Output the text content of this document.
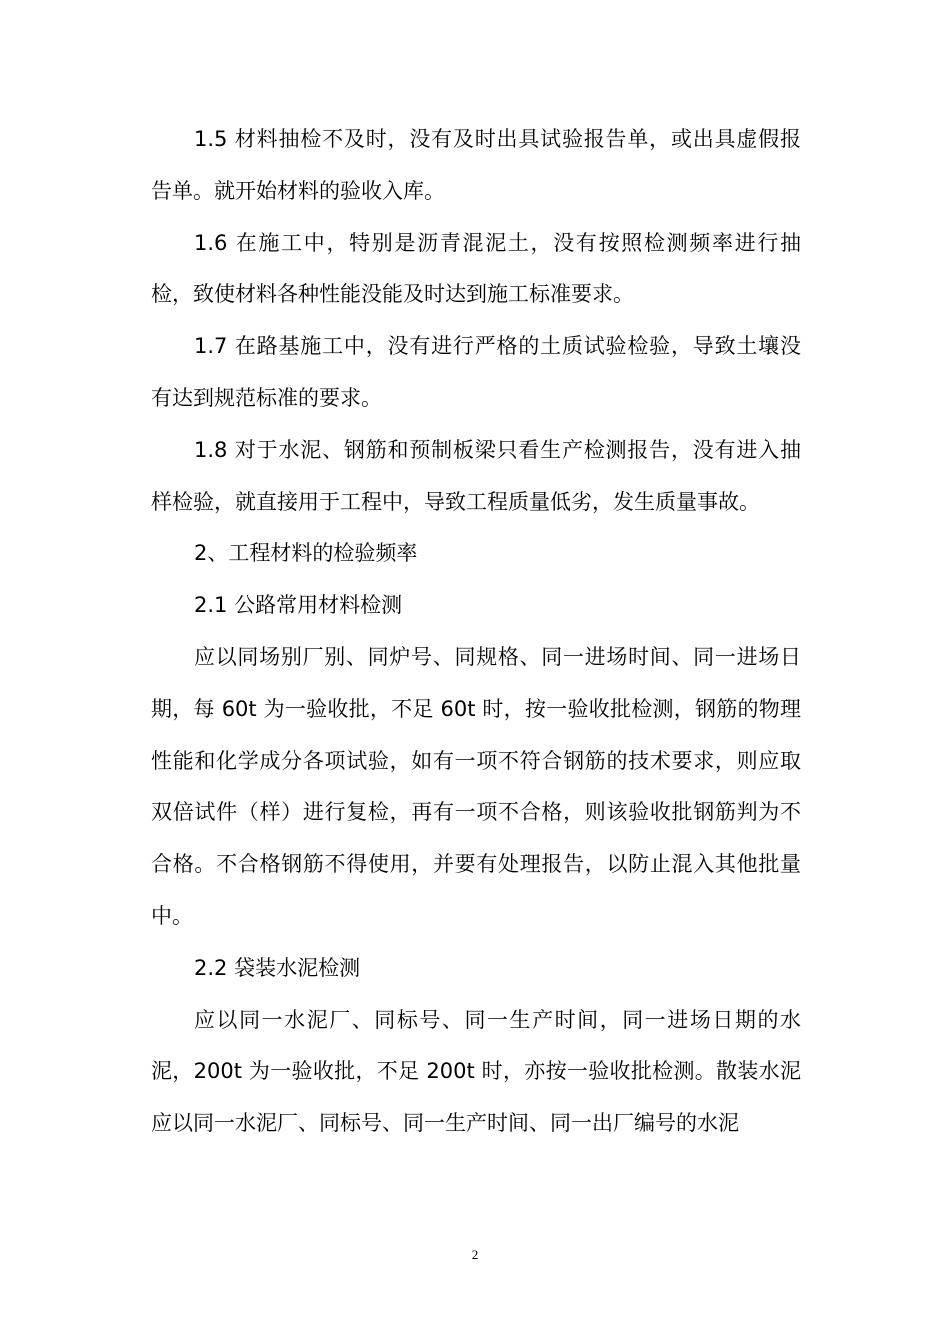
1.5 材料抽检不及时，没有及时出具试验报告单，或出具虚假报告单。就开始材料的验收入库。

1.6 在施工中，特别是沥青混泥土，没有按照检测频率进行抽检，致使材料各种性能没能及时达到施工标准要求。

1.7 在路基施工中，没有进行严格的土质试验检验，导致土壤没有达到规范标准的要求。

1.8 对于水泥、钢筋和预制板梁只看生产检测报告，没有进入抽样检验，就直接用于工程中，导致工程质量低劣，发生质量事故。

2、工程材料的检验频率

2.1 公路常用材料检测

应以同场别厂别、同炉号、同规格、同一进场时间、同一进场日期，每 60t 为一验收批，不足 60t 时，按一验收批检测，钢筋的物理性能和化学成分各项试验，如有一项不符合钢筋的技术要求，则应取双倍试件（样）进行复检，再有一项不合格，则该验收批钢筋判为不合格。不合格钢筋不得使用，并要有处理报告，以防止混入其他批量中。

2.2 袋装水泥检测

应以同一水泥厂、同标号、同一生产时间，同一进场日期的水泥，200t 为一验收批，不足 200t 时，亦按一验收批检测。散装水泥应以同一水泥厂、同标号、同一生产时间、同一出厂编号的水泥

2
